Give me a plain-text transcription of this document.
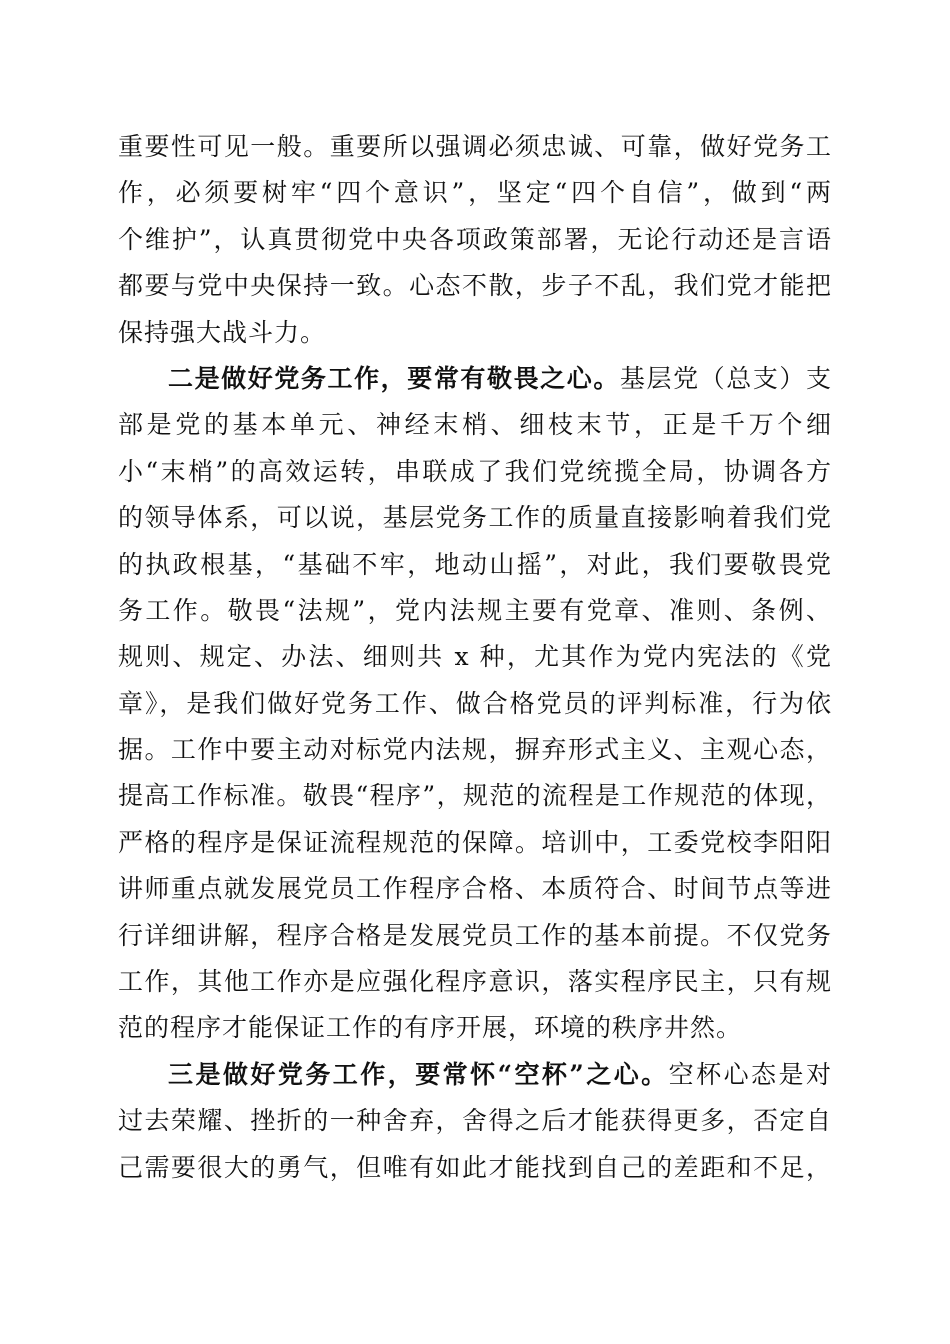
重要性可见一般。重要所以强调必须忠诚、可靠，做好党务工
作，必须要树牢“四个意识”，坚定“四个自信”，做到“两
个维护”，认真贯彻党中央各项政策部署，无论行动还是言语
都要与党中央保持一致。心态不散，步子不乱，我们党才能把
保持强大战斗力。
二是做好党务工作，要常有敬畏之心。基层党（总支）支
部是党的基本单元、神经末梢、细枝末节，正是千万个细
小“末梢”的高效运转，串联成了我们党统揽全局，协调各方
的领导体系，可以说，基层党务工作的质量直接影响着我们党
的执政根基，“基础不牢，地动山摇”，对此，我们要敬畏党
务工作。敬畏“法规”，党内法规主要有党章、准则、条例、
规则、规定、办法、细则共 x 种，尤其作为党内宪法的《党
章》，是我们做好党务工作、做合格党员的评判标准，行为依
据。工作中要主动对标党内法规，摒弃形式主义、主观心态，
提高工作标准。敬畏“程序”，规范的流程是工作规范的体现，
严格的程序是保证流程规范的保障。培训中，工委党校李阳阳
讲师重点就发展党员工作程序合格、本质符合、时间节点等进
行详细讲解，程序合格是发展党员工作的基本前提。不仅党务
工作，其他工作亦是应强化程序意识，落实程序民主，只有规
范的程序才能保证工作的有序开展，环境的秩序井然。
三是做好党务工作，要常怀“空杯”之心。空杯心态是对
过去荣耀、挫折的一种舍弃，舍得之后才能获得更多，否定自
己需要很大的勇气，但唯有如此才能找到自己的差距和不足，
